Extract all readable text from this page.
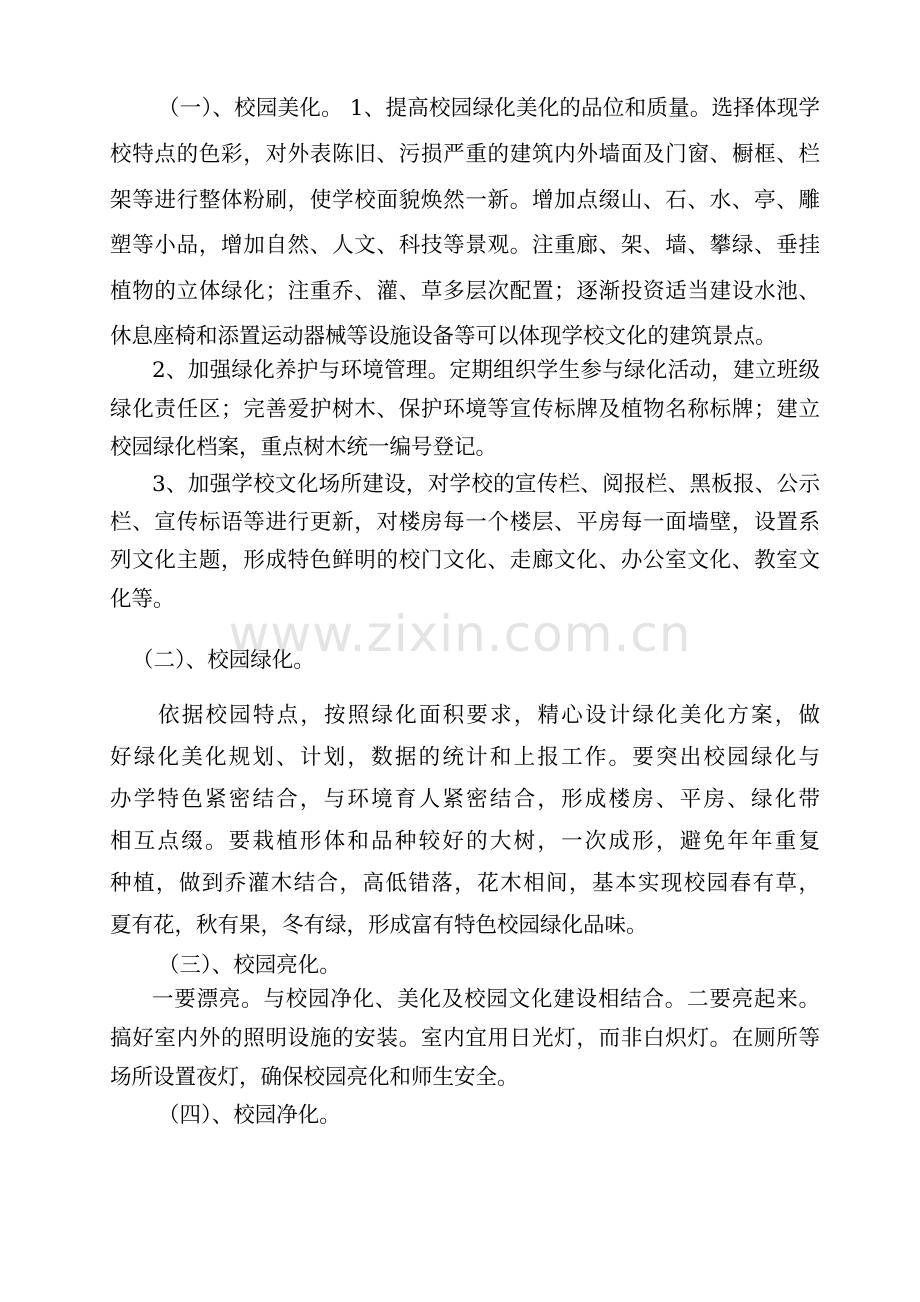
（一）、校园美化。 1、提高校园绿化美化的品位和质量。选择体现学
校特点的色彩，对外表陈旧、污损严重的建筑内外墙面及门窗、橱框、栏
架等进行整体粉刷，使学校面貌焕然一新。增加点缀山、石、水、亭、雕
塑等小品，增加自然、人文、科技等景观。注重廊、架、墙、攀绿、垂挂
植物的立体绿化；注重乔、灌、草多层次配置；逐渐投资适当建设水池、
休息座椅和添置运动器械等设施设备等可以体现学校文化的建筑景点。
2、加强绿化养护与环境管理。定期组织学生参与绿化活动，建立班级
绿化责任区；完善爱护树木、保护环境等宣传标牌及植物名称标牌；建立
校园绿化档案，重点树木统一编号登记。
3、加强学校文化场所建设，对学校的宣传栏、阅报栏、黑板报、公示
栏、宣传标语等进行更新，对楼房每一个楼层、平房每一面墙壁，设置系
列文化主题，形成特色鲜明的校门文化、走廊文化、办公室文化、教室文
化等。
（二）、校园绿化。
依据校园特点，按照绿化面积要求，精心设计绿化美化方案，做
好绿化美化规划、计划，数据的统计和上报工作。要突出校园绿化与
办学特色紧密结合，与环境育人紧密结合，形成楼房、平房、绿化带
相互点缀。要栽植形体和品种较好的大树，一次成形，避免年年重复
种植，做到乔灌木结合，高低错落，花木相间，基本实现校园春有草，
夏有花，秋有果，冬有绿，形成富有特色校园绿化品味。
（三）、校园亮化。
一要漂亮。与校园净化、美化及校园文化建设相结合。二要亮起来。
搞好室内外的照明设施的安装。室内宜用日光灯，而非白炽灯。在厕所等
场所设置夜灯，确保校园亮化和师生安全。
（四）、校园净化。
www.zixin.com.cn
